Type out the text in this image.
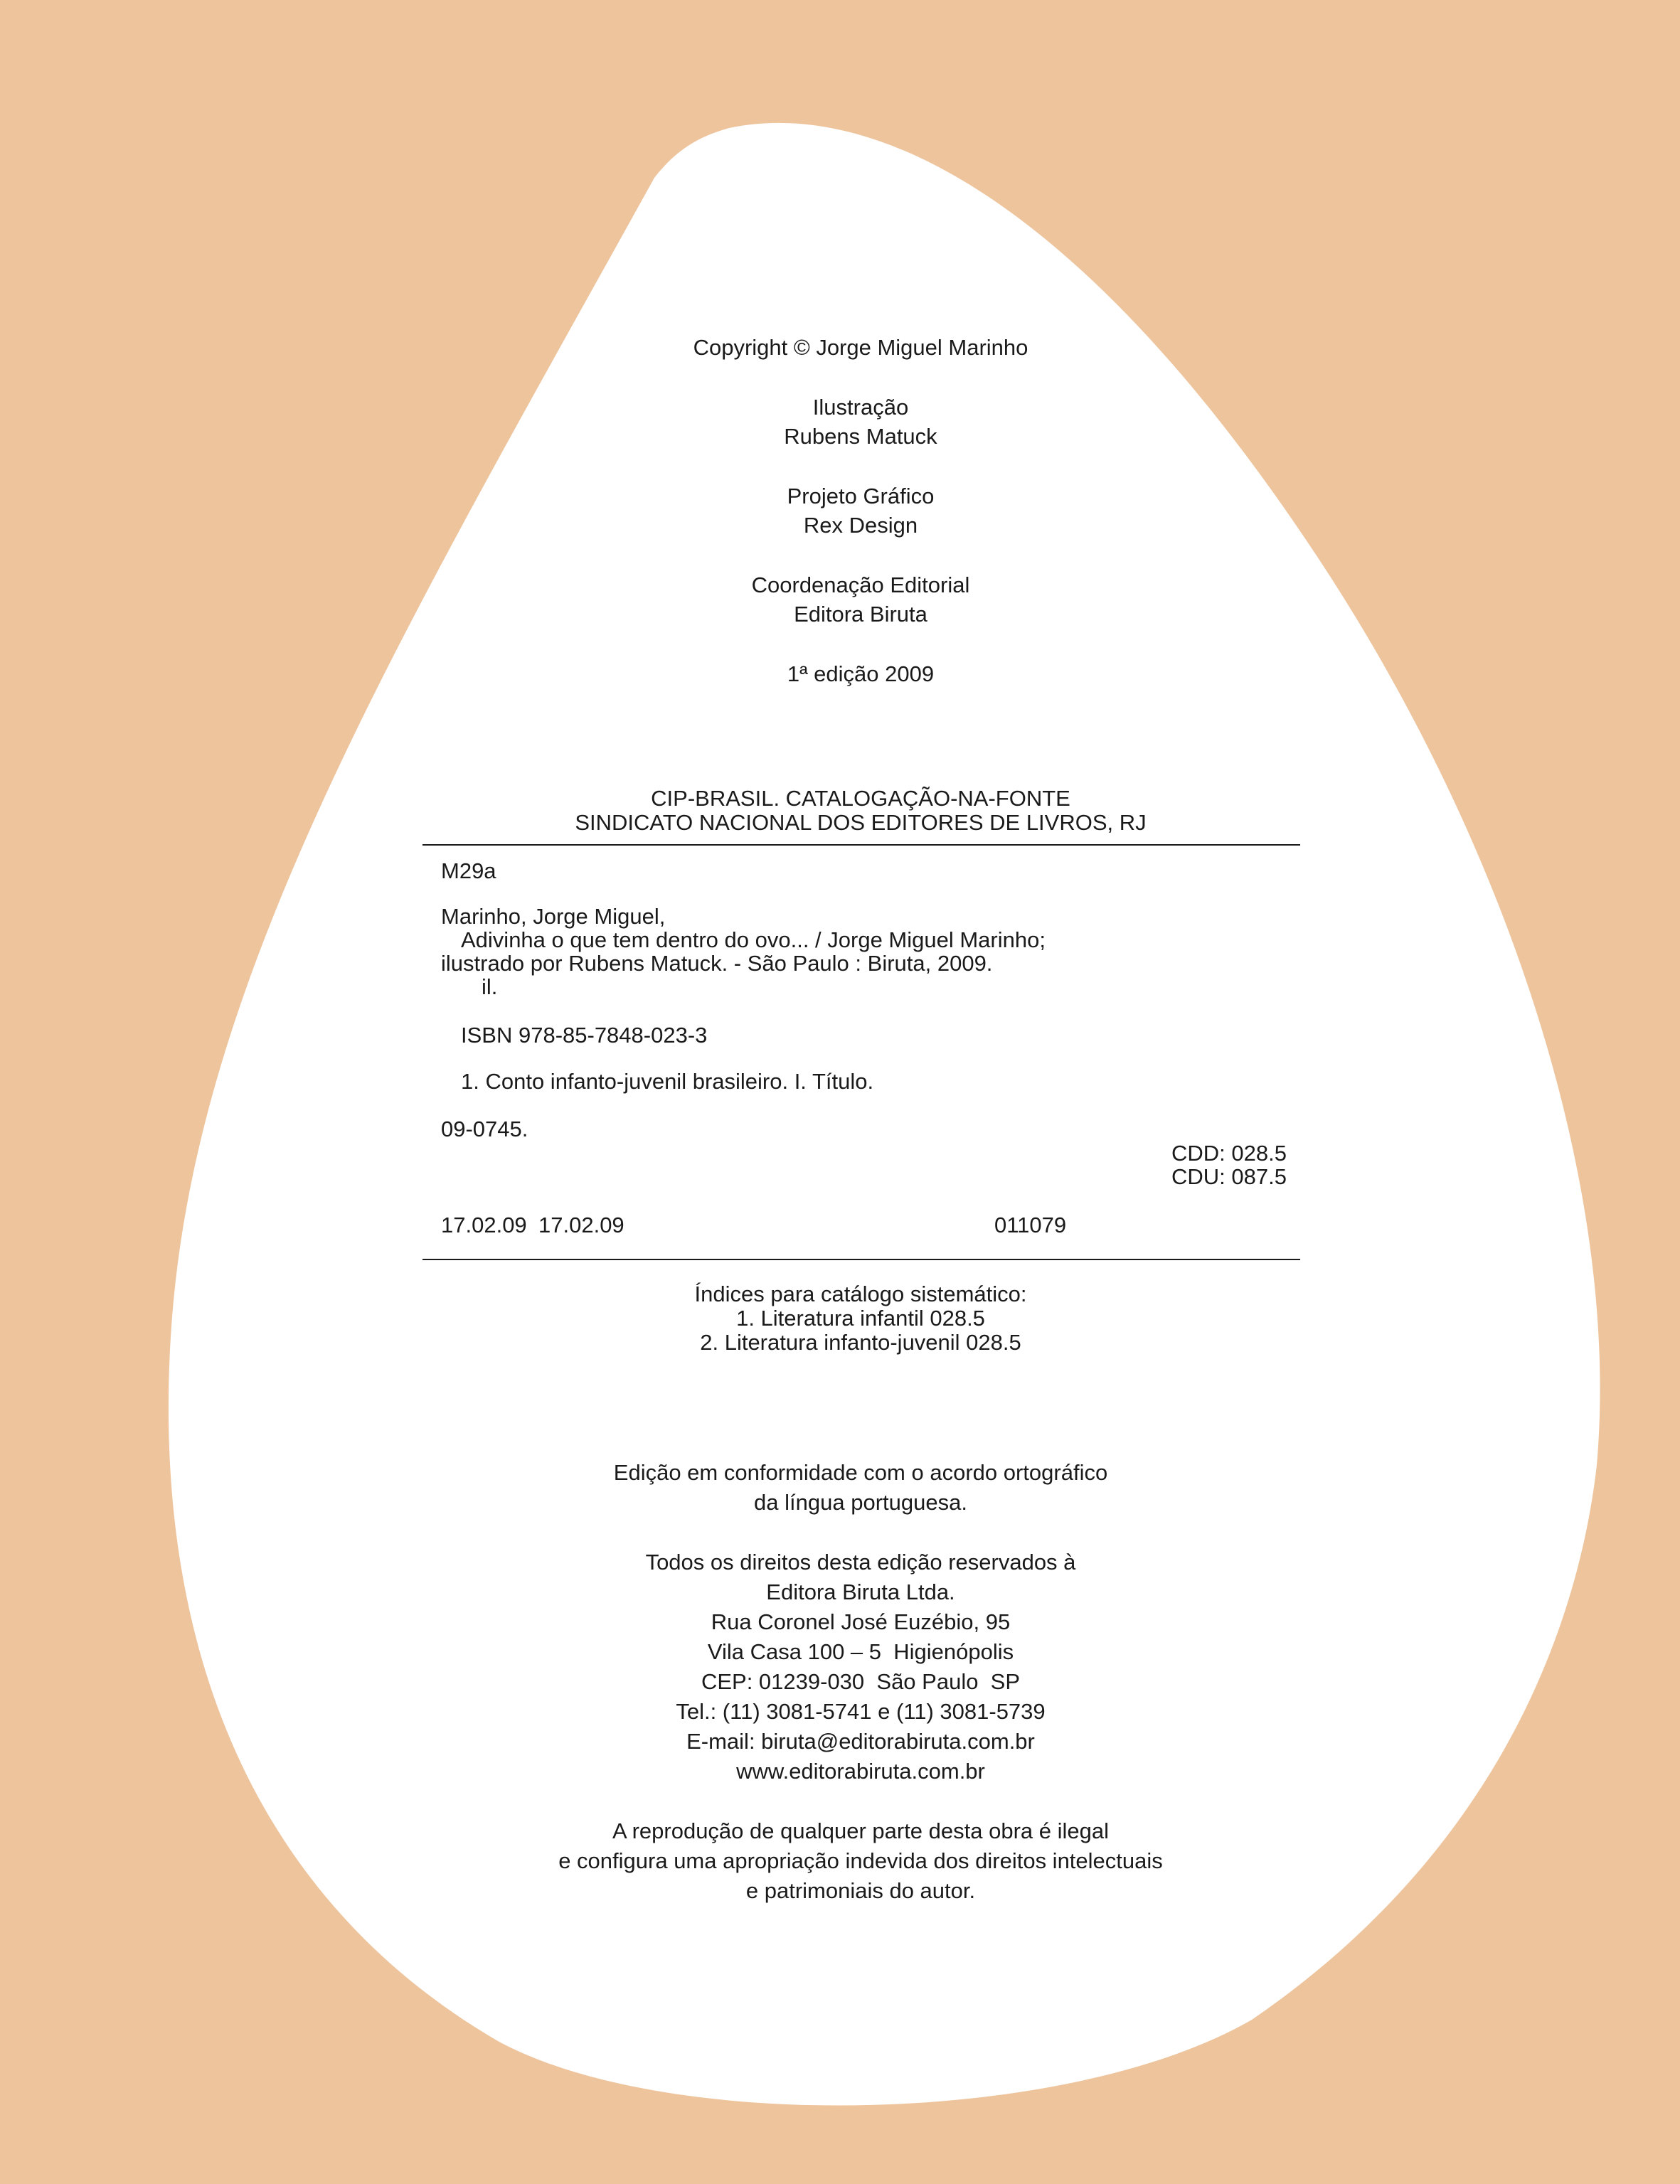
Copyright © Jorge Miguel Marinho
Ilustração
Rubens Matuck
Projeto Gráfico
Rex Design
Coordenação Editorial
Editora Biruta
1ª edição 2009
CIP-BRASIL. CATALOGAÇÃO-NA-FONTE
SINDICATO NACIONAL DOS EDITORES DE LIVROS, RJ
M29a
Marinho, Jorge Miguel,
Adivinha o que tem dentro do ovo... / Jorge Miguel Marinho;
ilustrado por Rubens Matuck. - São Paulo : Biruta, 2009.
il.
ISBN 978-85-7848-023-3
1. Conto infanto-juvenil brasileiro. I. Título.
09-0745.
CDD: 028.5
CDU: 087.5
17.02.09 17.02.09	011079
Índices para catálogo sistemático:
1. Literatura infantil 028.5
2. Literatura infanto-juvenil 028.5
Edição em conformidade com o acordo ortográfico
da língua portuguesa.
Todos os direitos desta edição reservados à
Editora Biruta Ltda.
Rua Coronel José Euzébio, 95
Vila Casa 100 – 5  Higienópolis
CEP: 01239-030  São Paulo  SP
Tel.: (11) 3081-5741 e (11) 3081-5739
E-mail: biruta@editorabiruta.com.br
www.editorabiruta.com.br
A reprodução de qualquer parte desta obra é ilegal
e configura uma apropriação indevida dos direitos intelectuais
e patrimoniais do autor.
